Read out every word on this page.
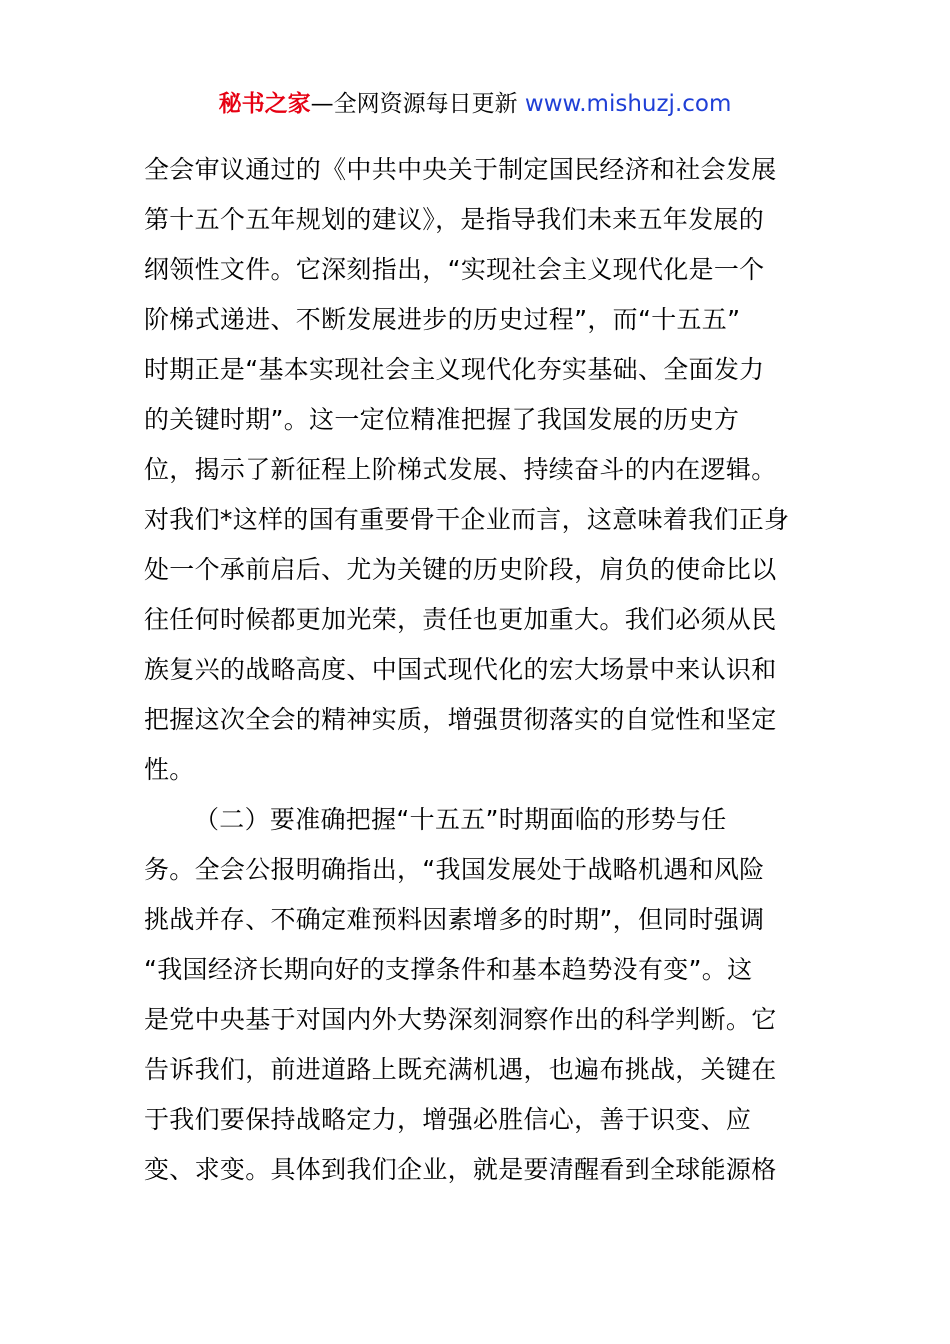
秘书之家—全网资源每日更新 www.mishuzj.com
全会审议通过的《中共中央关于制定国民经济和社会发展
第十五个五年规划的建议》，是指导我们未来五年发展的
纲领性文件。它深刻指出，“实现社会主义现代化是一个
阶梯式递进、不断发展进步的历史过程”，而“十五五”
时期正是“基本实现社会主义现代化夯实基础、全面发力
的关键时期”。这一定位精准把握了我国发展的历史方
位，揭示了新征程上阶梯式发展、持续奋斗的内在逻辑。
对我们*这样的国有重要骨干企业而言，这意味着我们正身
处一个承前启后、尤为关键的历史阶段，肩负的使命比以
往任何时候都更加光荣，责任也更加重大。我们必须从民
族复兴的战略高度、中国式现代化的宏大场景中来认识和
把握这次全会的精神实质，增强贯彻落实的自觉性和坚定
性。
（二）要准确把握“十五五”时期面临的形势与任
务。全会公报明确指出，“我国发展处于战略机遇和风险
挑战并存、不确定难预料因素增多的时期”，但同时强调
“我国经济长期向好的支撑条件和基本趋势没有变”。这
是党中央基于对国内外大势深刻洞察作出的科学判断。它
告诉我们，前进道路上既充满机遇，也遍布挑战，关键在
于我们要保持战略定力，增强必胜信心，善于识变、应
变、求变。具体到我们企业，就是要清醒看到全球能源格
